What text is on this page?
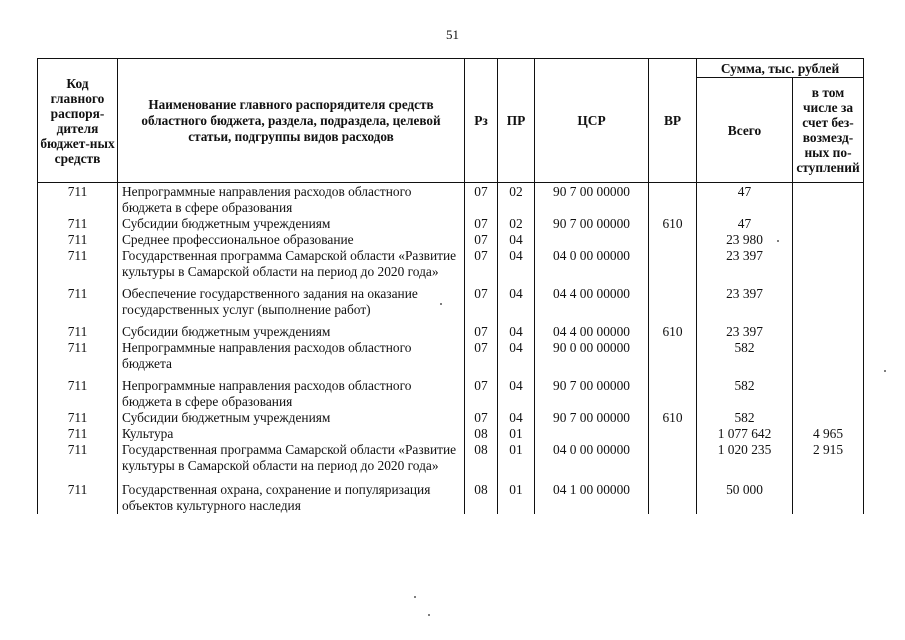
51
Код главного распоря-дителя бюджет-ных средств	Наименование главного распорядителя средств областного бюджета, раздела, подраздела, целевой статьи, подгруппы видов расходов	Рз	ПР	ЦСР	ВР	Сумма, тыс. рублей	
						Всего	в том числе за счет без-возмезд-ных по-ступлений
711	Непрограммные направления расходов областного бюджета в сфере образования	07	02	90 7 00 00000		47	
711	Субсидии бюджетным учреждениям	07	02	90 7 00 00000	610	47	
711	Среднее профессиональное образование	07	04			23 980	
711	Государственная программа Самарской области «Развитие культуры в Самарской области на период до 2020 года»	07	04	04 0 00 00000		23 397	
711	Обеспечение государственного задания на оказание государственных услуг (выполнение работ)	07	04	04 4 00 00000		23 397	
711	Субсидии бюджетным учреждениям	07	04	04 4 00 00000	610	23 397	
711	Непрограммные направления расходов областного бюджета	07	04	90 0 00 00000		582	
711	Непрограммные направления расходов областного бюджета в сфере образования	07	04	90 7 00 00000		582	
711	Субсидии бюджетным учреждениям	07	04	90 7 00 00000	610	582	
711	Культура	08	01			1 077 642	4 965
711	Государственная программа Самарской области «Развитие культуры в Самарской области на период до 2020 года»	08	01	04 0 00 00000		1 020 235	2 915
711	Государственная охрана, сохранение и популяризация объектов культурного наследия	08	01	04 1 00 00000		50 000	
